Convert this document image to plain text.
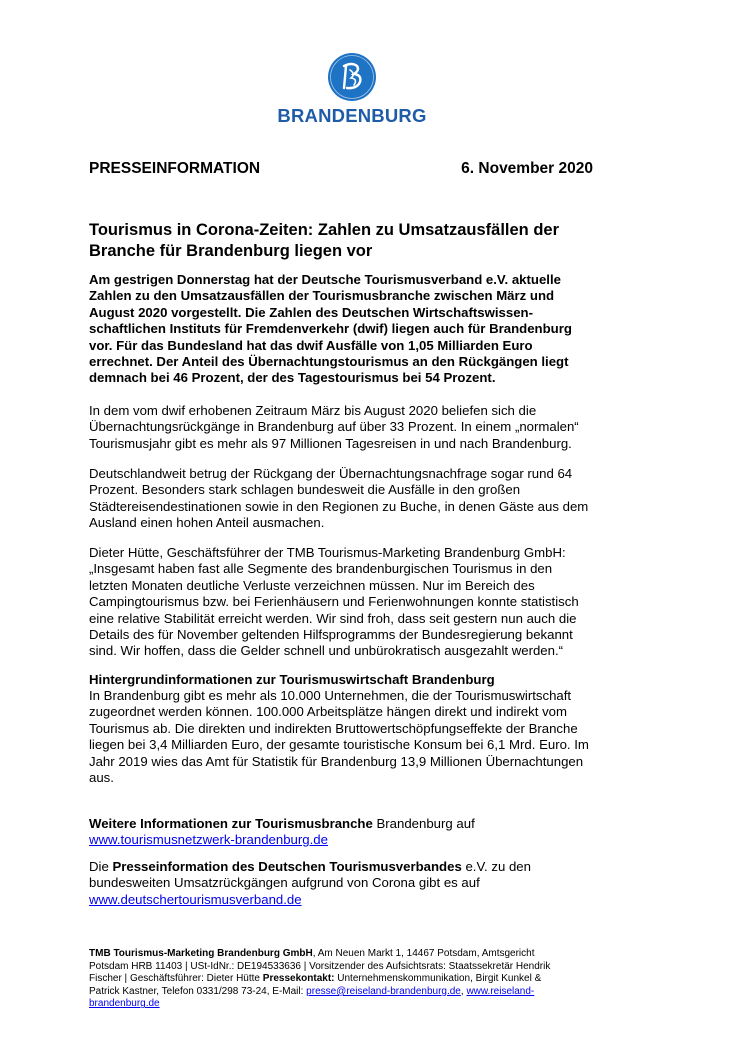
BRANDENBURG
PRESSEINFORMATION	6. November 2020
Tourismus in Corona-Zeiten: Zahlen zu Umsatzausfällen der
Branche für Brandenburg liegen vor
Am gestrigen Donnerstag hat der Deutsche Tourismusverband e.V. aktuelle
Zahlen zu den Umsatzausfällen der Tourismusbranche zwischen März und
August 2020 vorgestellt. Die Zahlen des Deutschen Wirtschaftswissen-
schaftlichen Instituts für Fremdenverkehr (dwif) liegen auch für Brandenburg
vor. Für das Bundesland hat das dwif Ausfälle von 1,05 Milliarden Euro
errechnet. Der Anteil des Übernachtungstourismus an den Rückgängen liegt
demnach bei 46 Prozent, der des Tagestourismus bei 54 Prozent.
In dem vom dwif erhobenen Zeitraum März bis August 2020 beliefen sich die
Übernachtungsrückgänge in Brandenburg auf über 33 Prozent. In einem „normalen“
Tourismusjahr gibt es mehr als 97 Millionen Tagesreisen in und nach Brandenburg.
Deutschlandweit betrug der Rückgang der Übernachtungsnachfrage sogar rund 64
Prozent. Besonders stark schlagen bundesweit die Ausfälle in den großen
Städtereisendestinationen sowie in den Regionen zu Buche, in denen Gäste aus dem
Ausland einen hohen Anteil ausmachen.
Dieter Hütte, Geschäftsführer der TMB Tourismus-Marketing Brandenburg GmbH:
„Insgesamt haben fast alle Segmente des brandenburgischen Tourismus in den
letzten Monaten deutliche Verluste verzeichnen müssen. Nur im Bereich des
Campingtourismus bzw. bei Ferienhäusern und Ferienwohnungen konnte statistisch
eine relative Stabilität erreicht werden. Wir sind froh, dass seit gestern nun auch die
Details des für November geltenden Hilfsprogramms der Bundesregierung bekannt
sind. Wir hoffen, dass die Gelder schnell und unbürokratisch ausgezahlt werden.“
Hintergrundinformationen zur Tourismuswirtschaft Brandenburg
In Brandenburg gibt es mehr als 10.000 Unternehmen, die der Tourismuswirtschaft
zugeordnet werden können. 100.000 Arbeitsplätze hängen direkt und indirekt vom
Tourismus ab. Die direkten und indirekten Bruttowertschöpfungseffekte der Branche
liegen bei 3,4 Milliarden Euro, der gesamte touristische Konsum bei 6,1 Mrd. Euro. Im
Jahr 2019 wies das Amt für Statistik für Brandenburg 13,9 Millionen Übernachtungen
aus.
Weitere Informationen zur Tourismusbranche Brandenburg auf
www.tourismusnetzwerk-brandenburg.de
Die Presseinformation des Deutschen Tourismusverbandes e.V. zu den
bundesweiten Umsatzrückgängen aufgrund von Corona gibt es auf
www.deutschertourismusverband.de
TMB Tourismus-Marketing Brandenburg GmbH, Am Neuen Markt 1, 14467 Potsdam, Amtsgericht
Potsdam HRB 11403 | USt-IdNr.: DE194533636 | Vorsitzender des Aufsichtsrats: Staatssekretär Hendrik
Fischer | Geschäftsführer: Dieter Hütte Pressekontakt: Unternehmenskommunikation, Birgit Kunkel &
Patrick Kastner, Telefon 0331/298 73-24, E-Mail: presse@reiseland-brandenburg.de, www.reiseland-
brandenburg.de
